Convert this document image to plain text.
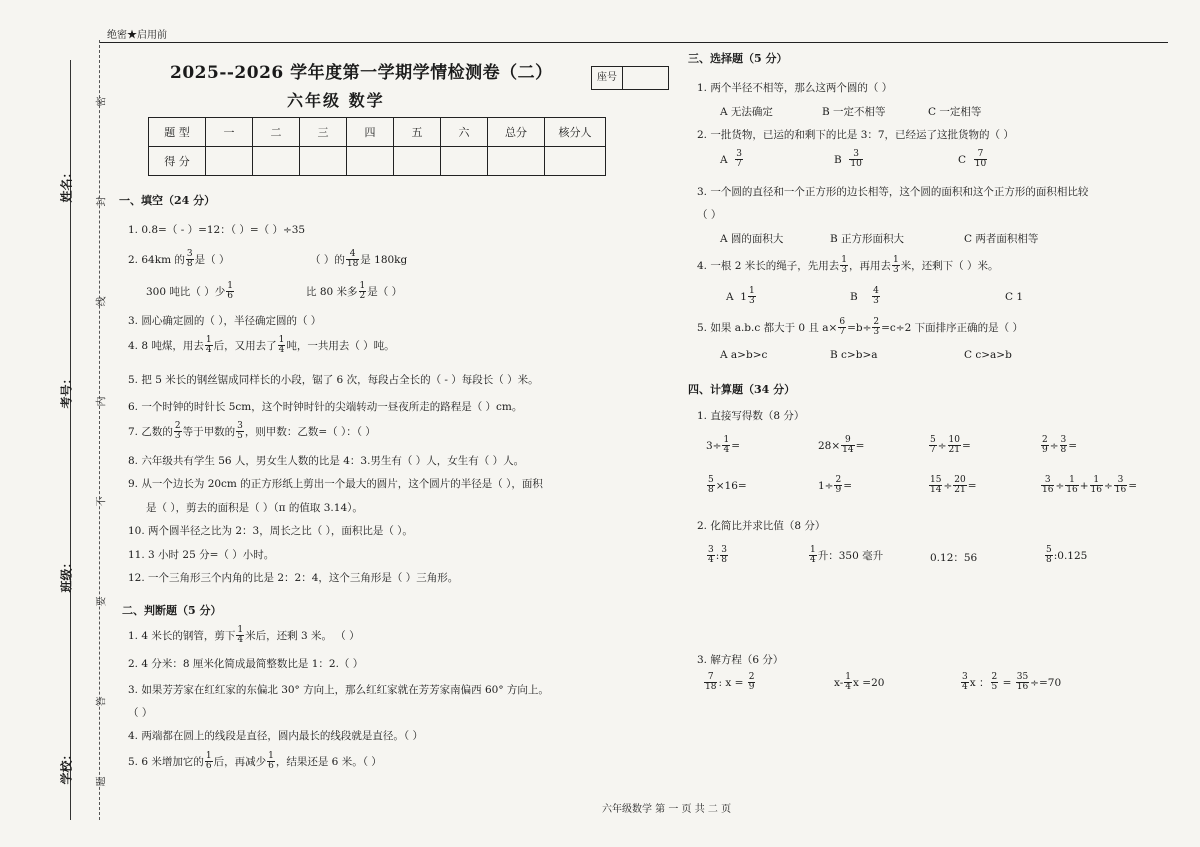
绝密★启用前
姓名：
考号：
班级：
学校：
密
封
线
内
不
要
答
题
2025--2026 学年度第一学期学情检测卷（二）	座号
六年级 数学
题 型	一	二	三	四	五	六	总分	核分人
得 分								
一、填空（24 分）
1. 0.8=（ - ）=12：（ ）=（ ）÷35
2. 64km 的 $\frac{3}{8}$ 是（ ）	（ ）的 $\frac{4}{18}$ 是 180kg
300 吨比（ ）少 $\frac{1}{6}$	比 80 米多 $\frac{1}{2}$ 是（ ）
3. 圆心确定圆的（ ），半径确定圆的（ ）
4. 8 吨煤，用去 $\frac{1}{4}$ 后，又用去了 $\frac{1}{4}$ 吨，一共用去（ ）吨。
5. 把 5 米长的钢丝锯成同样长的小段，锯了 6 次，每段占全长的（ - ）每段长（ ）米。
6. 一个时钟的时针长 5cm，这个时钟时针的尖端转动一昼夜所走的路程是（ ）cm。
7. 乙数的 $\frac{2}{3}$ 等于甲数的 $\frac{3}{5}$ ，则甲数：乙数=（ ）：（ ）
8. 六年级共有学生 56 人，男女生人数的比是 4：3.男生有（ ）人，女生有（ ）人。
9. 从一个边长为 20cm 的正方形纸上剪出一个最大的圆片，这个圆片的半径是（ ），面积
是（ ），剪去的面积是（ ）（π 的值取 3.14）。
10. 两个圆半径之比为 2：3，周长之比（ ），面积比是（ ）。
11. 3 小时 25 分=（ ）小时。
12. 一个三角形三个内角的比是 2：2：4，这个三角形是（ ）三角形。
二、判断题（5 分）
1. 4 米长的钢管，剪下 $\frac{1}{4}$ 米后，还剩 3 米。 （ ）
2. 4 分米：8 厘米化简成最简整数比是 1：2.（ ）
3. 如果芳芳家在红红家的东偏北 30° 方向上，那么红红家就在芳芳家南偏西 60° 方向上。
（ ）
4. 两端都在圆上的线段是直径，圆内最长的线段就是直径。（ ）
5. 6 米增加它的 $\frac{1}{6}$ 后，再减少 $\frac{1}{6}$ ，结果还是 6 米。（ ）
三、选择题（5 分）
1. 两个半径不相等，那么这两个圆的（ ）
A 无法确定	B 一定不相等	C 一定相等
2. 一批货物，已运的和剩下的比是 3：7，已经运了这批货物的（ ）
A $\frac{3}{7}$	B $\frac{3}{10}$	C $\frac{7}{10}$
3. 一个圆的直径和一个正方形的边长相等，这个圆的面积和这个正方形的面积相比较
（ ）
A 圆的面积大	B 正方形面积大	C 两者面积相等
4. 一根 2 米长的绳子，先用去 $\frac{1}{3}$ ，再用去 $\frac{1}{3}$ 米，还剩下（ ）米。
A $1 \frac{1}{3}$	B $\frac{4}{3}$	C 1
5. 如果 a.b.c 都大于 0 且 $a\times \frac{6}{7} =b\div \frac{2}{3} =c\div 2$ 下面排序正确的是（ ）
A a>b>c	B c>b>a	C c>a>b
四、计算题（34 分）
1. 直接写得数（8 分）
$3\div \frac{1}{4}$ =	$28\times \frac{9}{14}$ =	$\frac{5}{7} \div \frac{10}{21}$ =	$\frac{2}{9} \div \frac{3}{8}$ =
$\frac{5}{8} \times 16=$	$1\div \frac{2}{9}$ =	$\frac{15}{14} \div \frac{20}{21}$ =	$\frac{3}{16} \div \frac{1}{16} + \frac{1}{16} \div \frac{3}{16}$ =
2. 化简比并求比值（8 分）
$\frac{3}{4}$ : $\frac{3}{8}$	$\frac{1}{4}$ 升：350 毫升	0.12：56	$\frac{5}{8}$ :0.125
3. 解方程（6 分）
$\frac{7}{18}$ : $x = \frac{2}{9}$	$x- \frac{1}{4}$ x =20	$\frac{3}{4}$ x ： $\frac{2}{5} = \frac{35}{16} \div=70$
六年级数学 第 一 页 共 二 页
